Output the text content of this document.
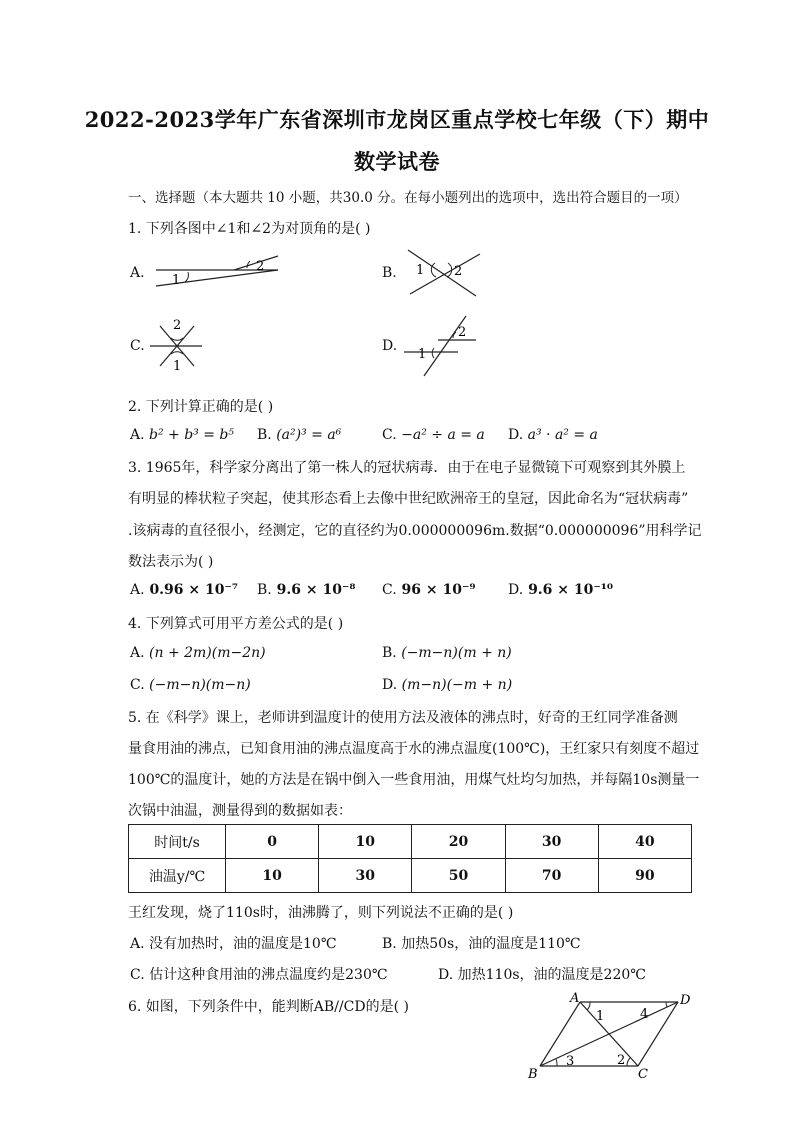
2022-2023学年广东省深圳市龙岗区重点学校七年级（下）期中
数学试卷
一、选择题（本大题共 10 小题，共30.0 分。在每小题列出的选项中，选出符合题目的一项）
1. 下列各图中∠1和∠2为对顶角的是( )
A. 1
2	B. 1 2
C.
2
1
D.
1
2
2. 下列计算正确的是( )
A. b² + b³ = b⁵ B. (a²)³ = a⁶	C. −a² ÷ a = a D. a³ · a² = a
3. 1965年，科学家分离出了第一株人的冠状病毒．由于在电子显微镜下可观察到其外膜上
有明显的棒状粒子突起，使其形态看上去像中世纪欧洲帝王的皇冠，因此命名为“冠状病毒”
.该病毒的直径很小，经测定，它的直径约为0.000000096m.数据“0.000000096”用科学记
数法表示为( )
A. 0.96 × 10⁻⁷ B. 9.6 × 10⁻⁸ C. 96 × 10⁻⁹ D. 9.6 × 10⁻¹⁰
4. 下列算式可用平方差公式的是( )
A. (n + 2m)(m−2n)	B. (−m−n)(m + n)
C. (−m−n)(m−n)	D. (m−n)(−m + n)
5. 在《科学》课上，老师讲到温度计的使用方法及液体的沸点时，好奇的王红同学准备测
量食用油的沸点，已知食用油的沸点温度高于水的沸点温度(100℃)，王红家只有刻度不超过
100℃的温度计，她的方法是在锅中倒入一些食用油，用煤气灶均匀加热，并每隔10s测量一
次锅中油温，测量得到的数据如表：
时间t/s	0	10	20	30	40
油温y/℃	10	30	50	70	90
王红发现，烧了110s时，油沸腾了，则下列说法不正确的是( )
A. 没有加热时，油的温度是10℃	B. 加热50s，油的温度是110℃
C. 估计这种食用油的沸点温度约是230℃	D. 加热110s，油的温度是220℃
6. 如图，下列条件中，能判断AB//CD的是( )
A	D
B	C
1	4
3	2
